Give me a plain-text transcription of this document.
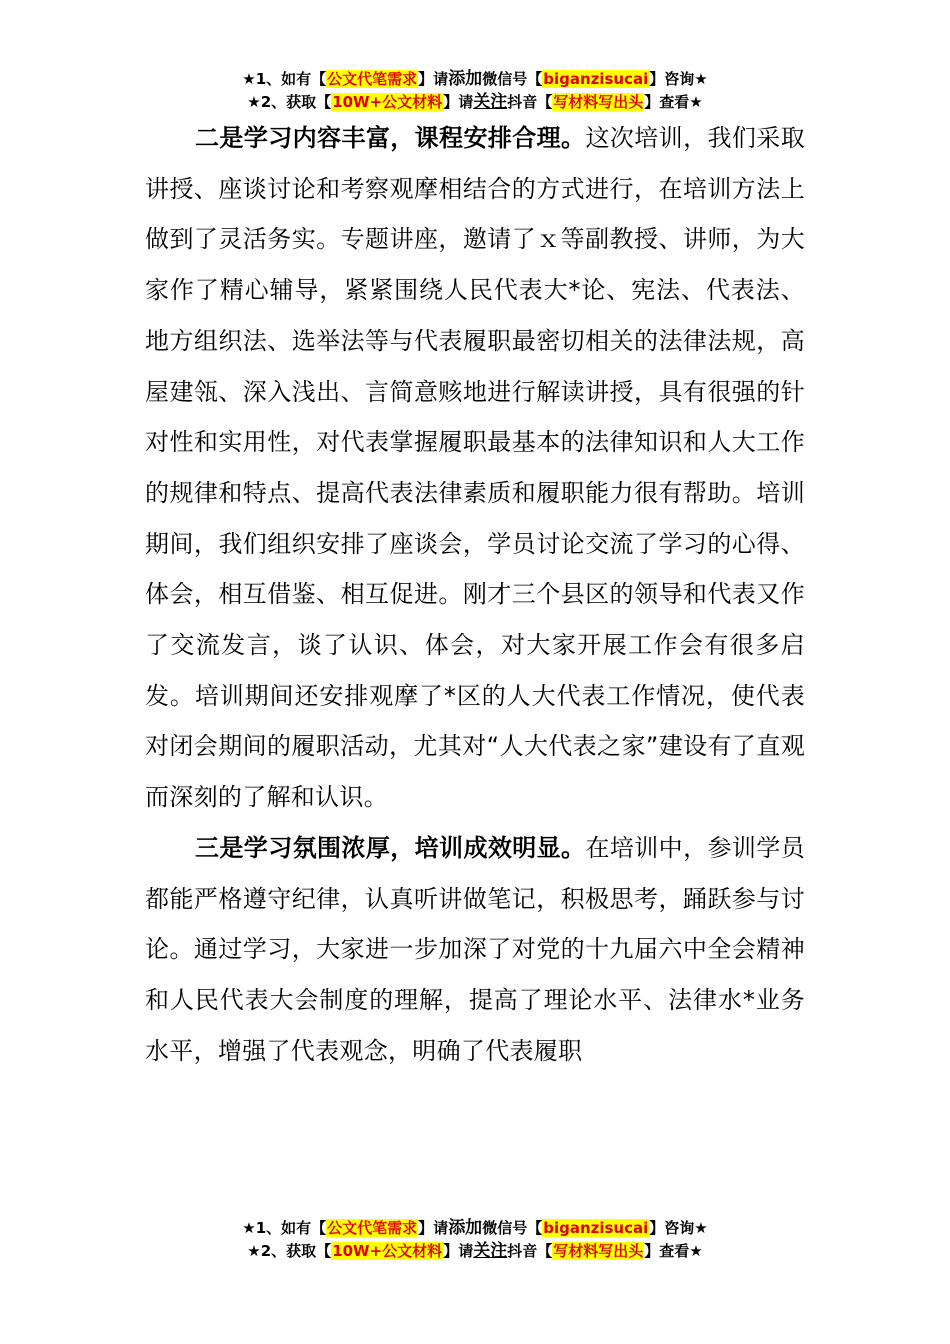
★1、如有【公文代笔需求】请添加微信号【biganzisucai】咨询★
★2、获取【10W+公文材料】请关注抖音【写材料写出头】查看★

二是学习内容丰富，课程安排合理。这次培训，我们采取讲授、座谈讨论和考察观摩相结合的方式进行，在培训方法上做到了灵活务实。专题讲座，邀请了ｘ等副教授、讲师，为大家作了精心辅导，紧紧围绕人民代表大*论、宪法、代表法、地方组织法、选举法等与代表履职最密切相关的法律法规，高屋建瓴、深入浅出、言简意赅地进行解读讲授，具有很强的针对性和实用性，对代表掌握履职最基本的法律知识和人大工作的规律和特点、提高代表法律素质和履职能力很有帮助。培训期间，我们组织安排了座谈会，学员讨论交流了学习的心得、体会，相互借鉴、相互促进。刚才三个县区的领导和代表又作了交流发言，谈了认识、体会，对大家开展工作会有很多启发。培训期间还安排观摩了*区的人大代表工作情况，使代表对闭会期间的履职活动，尤其对“人大代表之家”建设有了直观而深刻的了解和认识。

三是学习氛围浓厚，培训成效明显。在培训中，参训学员都能严格遵守纪律，认真听讲做笔记，积极思考，踊跃参与讨论。通过学习，大家进一步加深了对党的十九届六中全会精神和人民代表大会制度的理解，提高了理论水平、法律水*业务水平，增强了代表观念，明确了代表履职

★1、如有【公文代笔需求】请添加微信号【biganzisucai】咨询★
★2、获取【10W+公文材料】请关注抖音【写材料写出头】查看★
